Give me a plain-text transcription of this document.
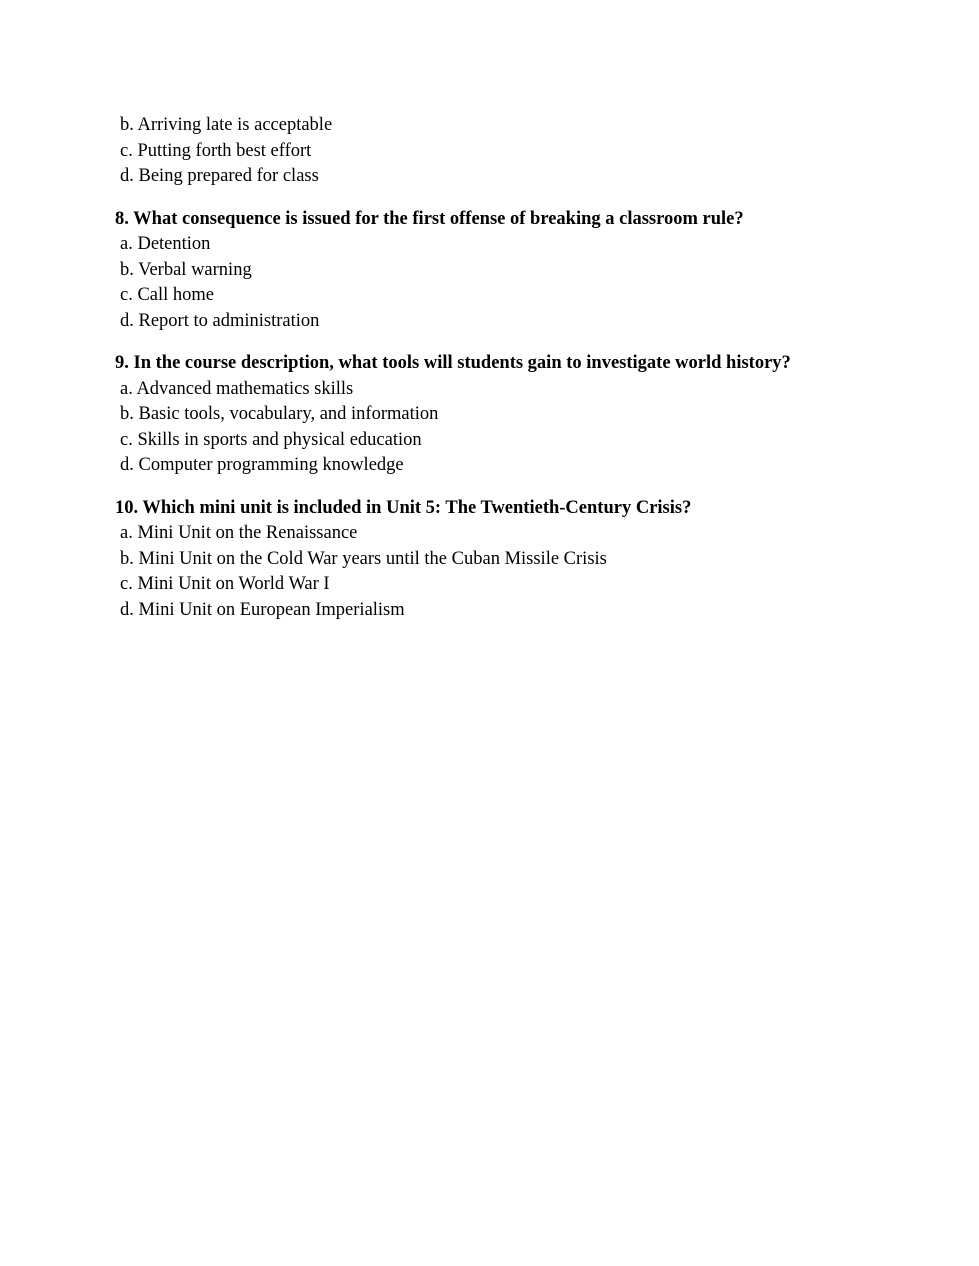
b. Arriving late is acceptable

c. Putting forth best effort

d. Being prepared for class

8. What consequence is issued for the first offense of breaking a classroom rule?

a. Detention

b. Verbal warning

c. Call home

d. Report to administration

9. In the course description, what tools will students gain to investigate world history?

a. Advanced mathematics skills

b. Basic tools, vocabulary, and information

c. Skills in sports and physical education

d. Computer programming knowledge

10. Which mini unit is included in Unit 5: The Twentieth-Century Crisis?

a. Mini Unit on the Renaissance

b. Mini Unit on the Cold War years until the Cuban Missile Crisis

c. Mini Unit on World War I

d. Mini Unit on European Imperialism
